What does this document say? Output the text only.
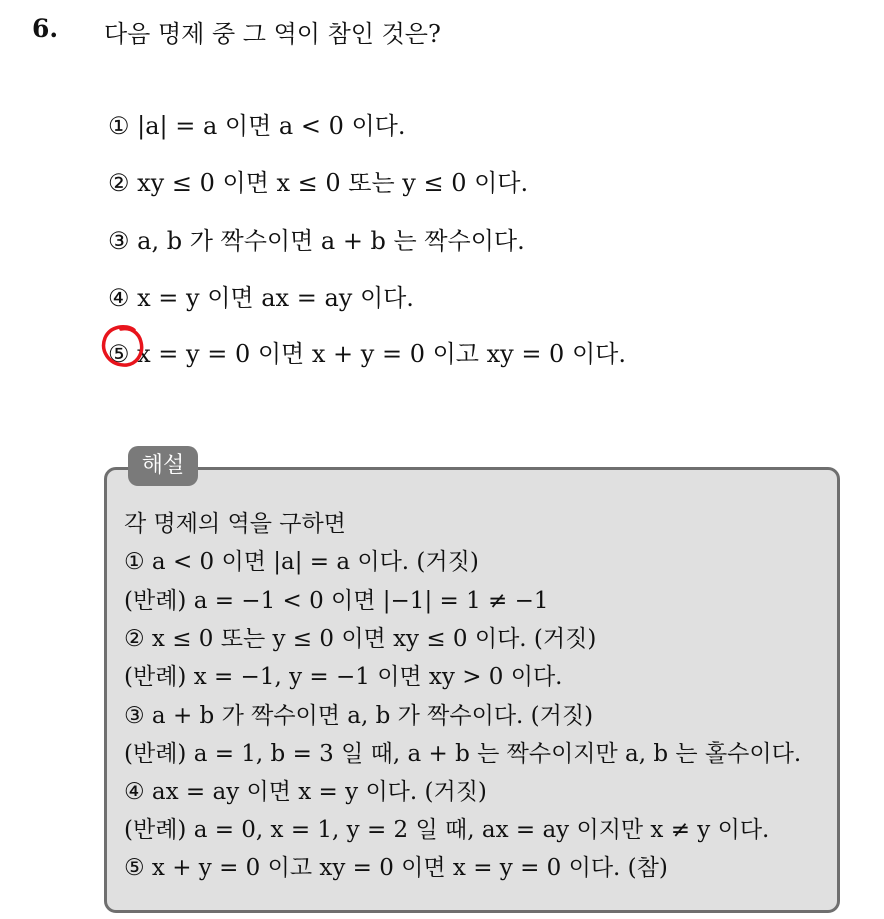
6. 다음 명제 중 그 역이 참인 것은?
① |a| = a 이면 a < 0 이다.
② xy ≤ 0 이면 x ≤ 0 또는 y ≤ 0 이다.
③ a, b 가 짝수이면 a + b 는 짝수이다.
④ x = y 이면 ax = ay 이다.
⑤ x = y = 0 이면 x + y = 0 이고 xy = 0 이다.
해설
각 명제의 역을 구하면
① a < 0 이면 |a| = a 이다. (거짓)
(반례) a = −1 < 0 이면 |−1| = 1 ≠ −1
② x ≤ 0 또는 y ≤ 0 이면 xy ≤ 0 이다. (거짓)
(반례) x = −1, y = −1 이면 xy > 0 이다.
③ a + b 가 짝수이면 a, b 가 짝수이다. (거짓)
(반례) a = 1, b = 3 일 때, a + b 는 짝수이지만 a, b 는 홀수이다.
④ ax = ay 이면 x = y 이다. (거짓)
(반례) a = 0, x = 1, y = 2 일 때, ax = ay 이지만 x ≠ y 이다.
⑤ x + y = 0 이고 xy = 0 이면 x = y = 0 이다. (참)
